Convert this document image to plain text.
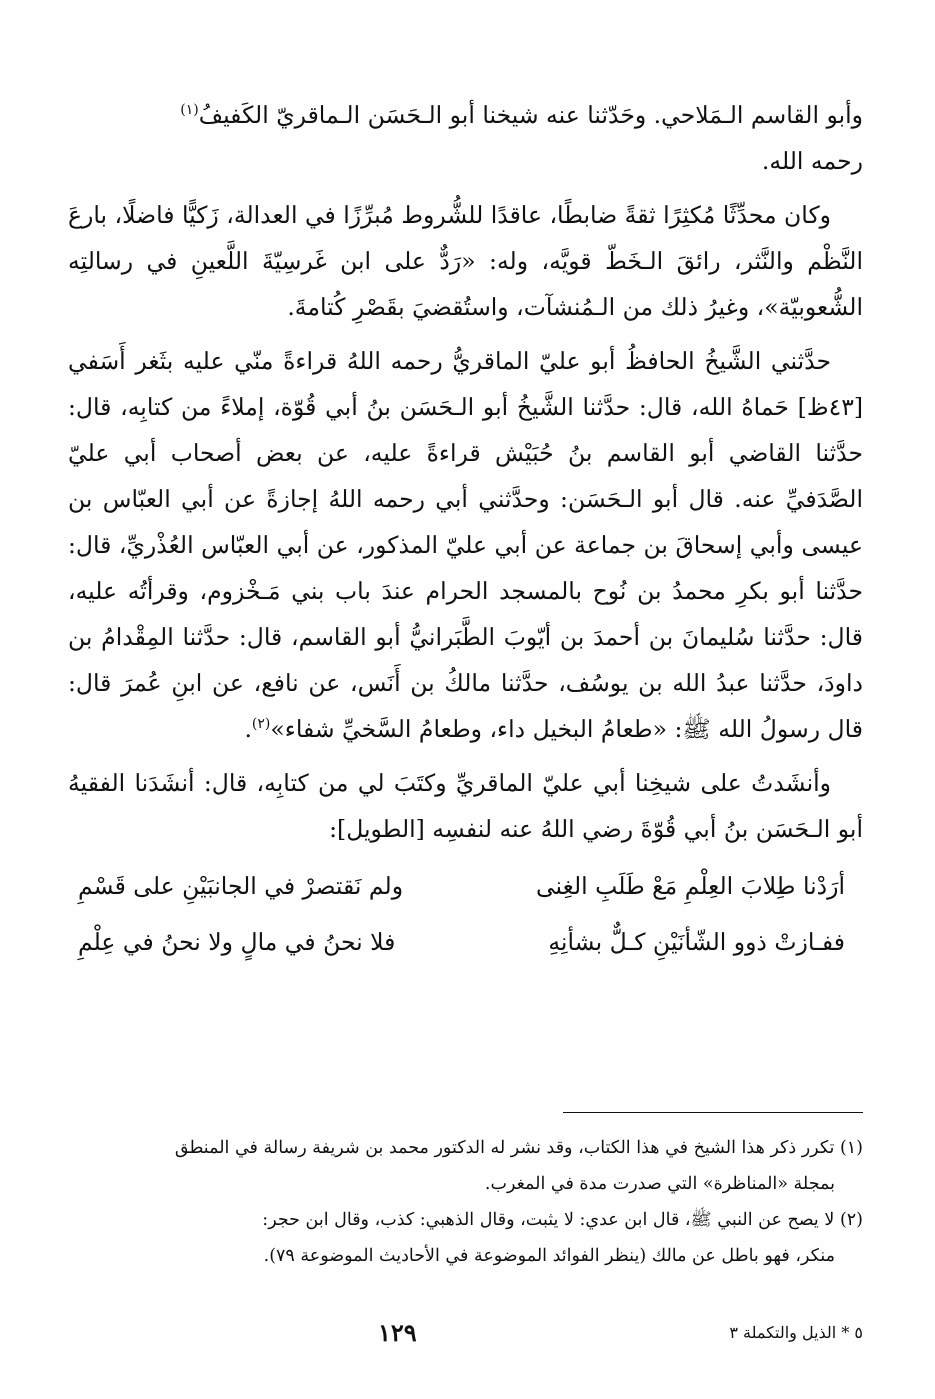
وأبو القاسم الـمَلاحي. وحَدّثنا عنه شيخنا أبو الـحَسَن الـماقريّ الكَفيفُ$^{(١)}$
رحمه الله.

وكان محدِّثًا مُكثِرًا ثقةً ضابطًا، عاقدًا للشُّروط مُبرِّزًا في العدالة، زَكيًّا فاضلًا، بارعَ النَّظْم والنَّثر، رائقَ الـخَطّ قويَّه، وله: «رَدٌّ على ابن غَرسِيّةَ اللَّعينِ في رسالتِه الشُّعوبيّة»، وغيرُ ذلك من الـمُنشآت، واستُقضيَ بقَصْرِ كُتامةَ.

حدَّثني الشَّيخُ الحافظُ أبو عليّ الماقريُّ رحمه اللهُ قراءةً منّي عليه بثَغر أَسَفي [٤٣ظ] حَماهُ الله، قال: حدَّثنا الشَّيخُ أبو الـحَسَن بنُ أبي قُوّة، إملاءً من كتابِه، قال: حدَّثنا القاضي أبو القاسم بنُ حُبَيْش قراءةً عليه، عن بعض أصحاب أبي عليّ الصَّدَفيِّ عنه. قال أبو الـحَسَن: وحدَّثني أبي رحمه اللهُ إجازةً عن أبي العبّاس بن عيسى وأبي إسحاقَ بن جماعة عن أبي عليّ المذكور، عن أبي العبّاس العُذْريِّ، قال: حدَّثنا أبو بكرِ محمدُ بن نُوح بالمسجد الحرام عندَ باب بني مَـخْزوم، وقرأتُه عليه، قال: حدَّثنا سُليمانَ بن أحمدَ بن أيّوبَ الطَّبَرانيُّ أبو القاسم، قال: حدَّثنا المِقْدامُ بن داودَ، حدَّثنا عبدُ الله بن يوسُف، حدَّثنا مالكُ بن أَنَس، عن نافع، عن ابنِ عُمرَ قال: قال رسولُ الله ﷺ: «طعامُ البخيل داء، وطعامُ السَّخيِّ شفاء»$^{(٢)}$.

وأنشَدتُ على شيخِنا أبي عليّ الماقريِّ وكتَبَ لي من كتابِه، قال: أنشَدَنا الفقيهُ أبو الـحَسَن بنُ أبي قُوّةَ رضي اللهُ عنه لنفسِه [الطويل]:

أرَدْنا طِلابَ العِلْمِ مَعْ طَلَبِ الغِنى
ولم نَقتصرْ في الجانبَيْنِ على قَسْمِ
ففـازتْ ذوو الشّأنَيْنِ كـلٌّ بشأنِهِ
فلا نحنُ في مالٍ ولا نحنُ في عِلْمِ

(١) تكرر ذكر هذا الشيخ في هذا الكتاب، وقد نشر له الدكتور محمد بن شريفة رسالة في المنطق
بمجلة «المناظرة» التي صدرت مدة في المغرب.

(٢) لا يصح عن النبي ﷺ، قال ابن عدي: لا يثبت، وقال الذهبي: كذب، وقال ابن حجر:
منكر، فهو باطل عن مالك (ينظر الفوائد الموضوعة في الأحاديث الموضوعة ٧٩).

٥ * الذيل والتكملة ٣
١٢٩
